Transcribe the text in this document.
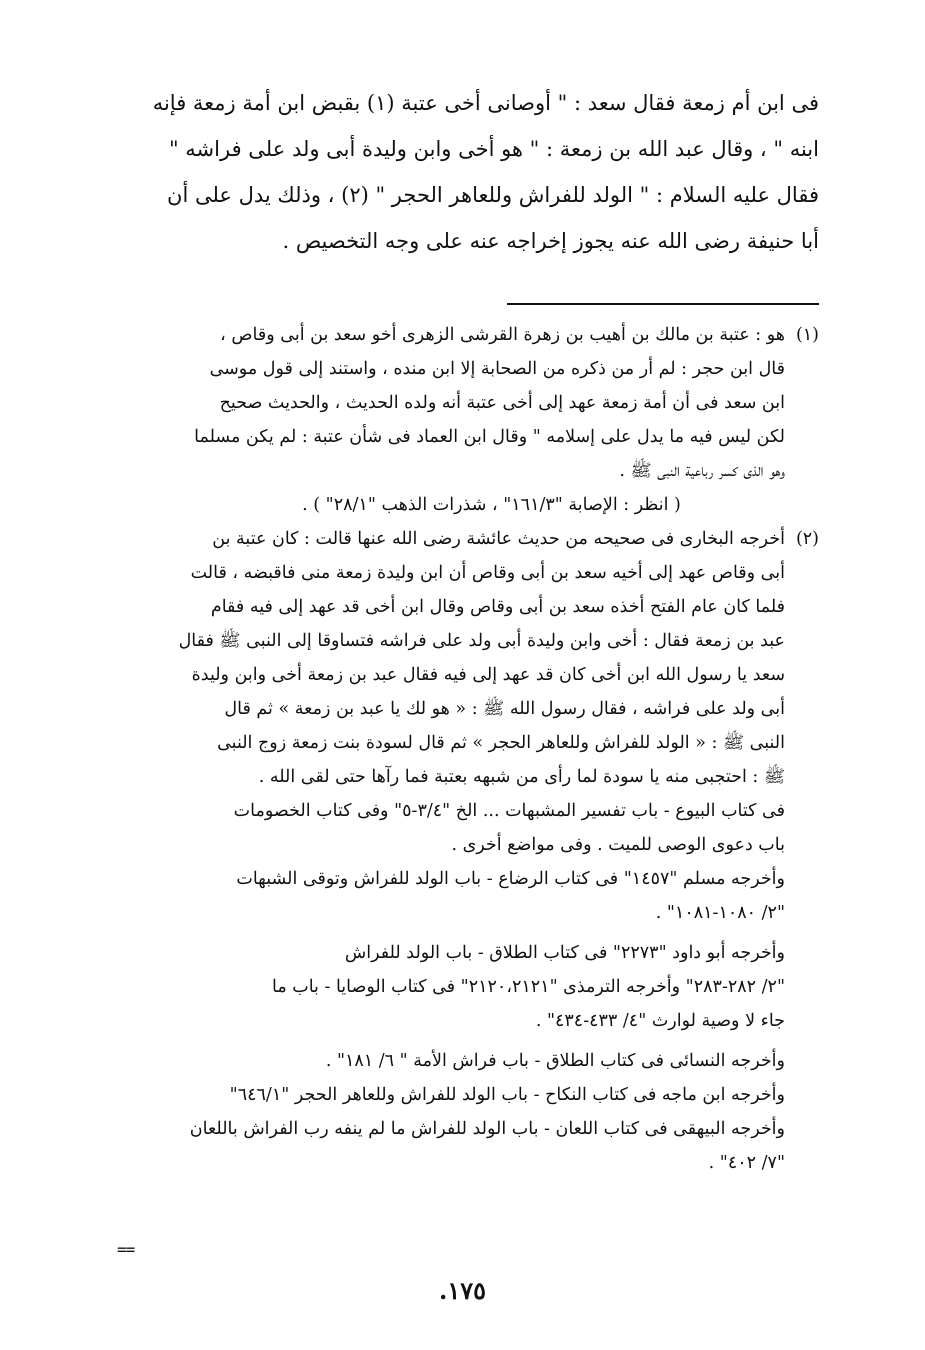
فى ابن أم زمعة فقال سعد : " أوصانى أخى عتبة (١) بقبض ابن أمة زمعة فإنه
ابنه " ، وقال عبد الله بن زمعة : " هو أخى وابن وليدة أبى ولد على فراشه "
فقال عليه السلام : " الولد للفراش وللعاهر الحجر " (٢) ، وذلك يدل على أن
أبا حنيفة رضى الله عنه يجوز إخراجه عنه على وجه التخصيص .
(١)هو : عتبة بن مالك بن أهيب بن زهرة القرشى الزهرى أخو سعد بن أبى وقاص ،
قال ابن حجر : لم أر من ذكره من الصحابة إلا ابن منده ، واستند إلى قول موسى
ابن سعد فى أن أمة زمعة عهد إلى أخى عتبة أنه ولده الحديث ، والحديث صحيح
لكن ليس فيه ما يدل على إسلامه " وقال ابن العماد فى شأن عتبة : لم يكن مسلما
وهو الذى كسر رباعية النبى ﷺ .
( انظر : الإصابة "١٦١/٣" ، شذرات الذهب "٢٨/١" ) .
(٢)أخرجه البخارى فى صحيحه من حديث عائشة رضى الله عنها قالت : كان عتبة بن
أبى وقاص عهد إلى أخيه سعد بن أبى وقاص أن ابن وليدة زمعة منى فاقبضه ، قالت
فلما كان عام الفتح أخذه سعد بن أبى وقاص وقال ابن أخى قد عهد إلى فيه فقام
عبد بن زمعة فقال : أخى وابن وليدة أبى ولد على فراشه فتساوقا إلى النبى ﷺ فقال
سعد يا رسول الله ابن أخى كان قد عهد إلى فيه فقال عبد بن زمعة أخى وابن وليدة
أبى ولد على فراشه ، فقال رسول الله ﷺ : « هو لك يا عبد بن زمعة » ثم قال
النبى ﷺ : « الولد للفراش وللعاهر الحجر » ثم قال لسودة بنت زمعة زوج النبى
ﷺ : احتجبى منه يا سودة لما رأى من شبهه بعتبة فما رآها حتى لقى الله .
فى كتاب البيوع - باب تفسير المشبهات ... الخ "٣/٤-٥" وفى كتاب الخصومات
باب دعوى الوصى للميت . وفى مواضع أخرى .
وأخرجه مسلم "١٤٥٧" فى كتاب الرضاع - باب الولد للفراش وتوقى الشبهات
"٢/ ١٠٨٠-١٠٨١" .
وأخرجه أبو داود "٢٢٧٣" فى كتاب الطلاق - باب الولد للفراش
"٢/ ٢٨٢-٢٨٣" وأخرجه الترمذى "٢١٢٠،٢١٢١" فى كتاب الوصايا - باب ما
جاء لا وصية لوارث "٤/ ٤٣٣-٤٣٤" .
وأخرجه النسائى فى كتاب الطلاق - باب فراش الأمة " ٦/ ١٨١" .
وأخرجه ابن ماجه فى كتاب النكاح - باب الولد للفراش وللعاهر الحجر "٦٤٦/١"
وأخرجه البيهقى فى كتاب اللعان - باب الولد للفراش ما لم ينفه رب الفراش باللعان
"٧/ ٤٠٢" .
==
١٧٥.
